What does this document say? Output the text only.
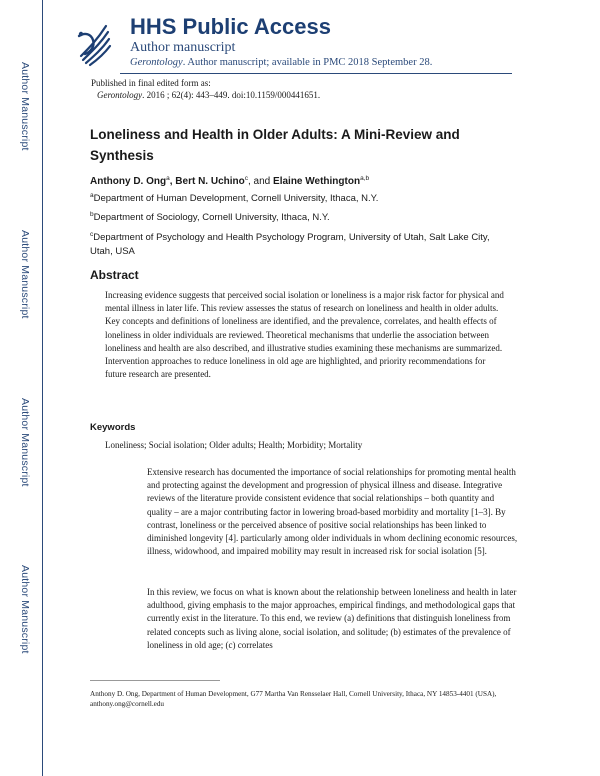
Author Manuscript
Author Manuscript
Author Manuscript
Author Manuscript
HHS Public Access
Author manuscript
Gerontology. Author manuscript; available in PMC 2018 September 28.
Published in final edited form as:
Gerontology. 2016 ; 62(4): 443–449. doi:10.1159/000441651.
Loneliness and Health in Older Adults: A Mini-Review and Synthesis
Anthony D. Ong$^a$, Bert N. Uchino$^c$, and Elaine Wethington$^{a,b}$
$^a$Department of Human Development, Cornell University, Ithaca, N.Y.
$^b$Department of Sociology, Cornell University, Ithaca, N.Y.
$^c$Department of Psychology and Health Psychology Program, University of Utah, Salt Lake City, Utah, USA
Abstract
Increasing evidence suggests that perceived social isolation or loneliness is a major risk factor for physical and mental illness in later life. This review assesses the status of research on loneliness and health in older adults. Key concepts and definitions of loneliness are identified, and the prevalence, correlates, and health effects of loneliness in older individuals are reviewed. Theoretical mechanisms that underlie the association between loneliness and health are also described, and illustrative studies examining these mechanisms are summarized. Intervention approaches to reduce loneliness in old age are highlighted, and priority recommendations for future research are presented.
Keywords
Loneliness; Social isolation; Older adults; Health; Morbidity; Mortality
Extensive research has documented the importance of social relationships for promoting mental health and protecting against the development and progression of physical illness and disease. Integrative reviews of the literature provide consistent evidence that social relationships – both quantity and quality – are a major contributing factor in lowering broad-based morbidity and mortality [1–3]. By contrast, loneliness or the perceived absence of positive social relationships has been linked to diminished longevity [4]. particularly among older individuals in whom declining economic resources, illness, widowhood, and impaired mobility may result in increased risk for social isolation [5].
In this review, we focus on what is known about the relationship between loneliness and health in later adulthood, giving emphasis to the major approaches, empirical findings, and methodological gaps that currently exist in the literature. To this end, we review (a) definitions that distinguish loneliness from related concepts such as living alone, social isolation, and solitude; (b) estimates of the prevalence of loneliness in old age; (c) correlates
Anthony D. Ong, Department of Human Development, G77 Martha Van Rensselaer Hall, Cornell University, Ithaca, NY 14853-4401 (USA), anthony.ong@cornell.edu
